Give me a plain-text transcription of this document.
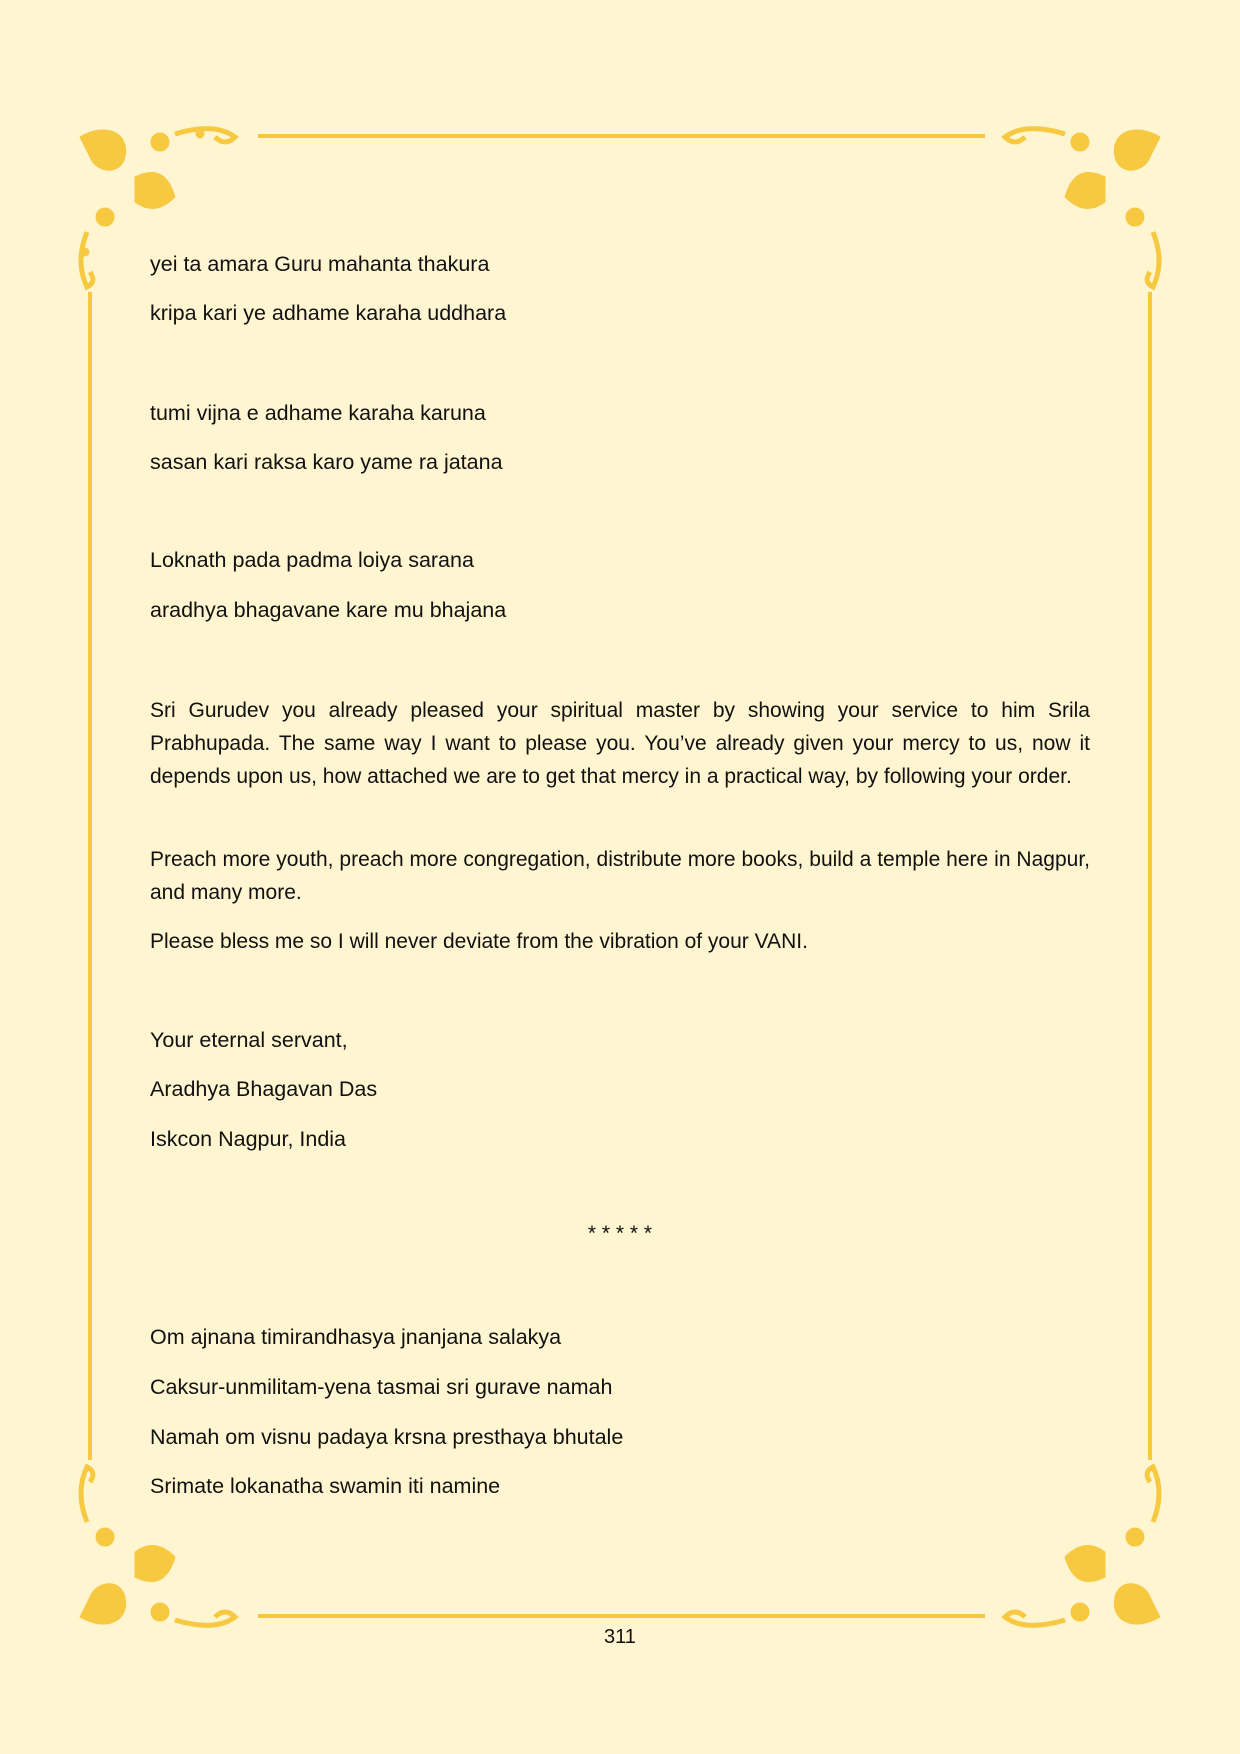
yei ta amara Guru mahanta thakura
kripa kari ye adhame karaha uddhara
tumi vijna e adhame karaha karuna
sasan kari raksa karo yame ra jatana
Loknath pada padma loiya sarana
aradhya bhagavane kare mu bhajana
Sri Gurudev you already pleased your spiritual master by showing your service to him Srila Prabhupada. The same way I want to please you. You’ve already given your mercy to us, now it depends upon us, how attached we are to get that mercy in a practical way, by following your order.
Preach more youth, preach more congregation, distribute more books, build a temple here in Nagpur, and many more.
Please bless me so I will never deviate from the vibration of your VANI.
Your eternal servant,
Aradhya Bhagavan Das
Iskcon Nagpur, India
* * * * *
Om ajnana timirandhasya jnanjana salakya
Caksur-unmilitam-yena tasmai sri gurave namah
Namah om visnu padaya krsna presthaya bhutale
Srimate lokanatha swamin iti namine
311
